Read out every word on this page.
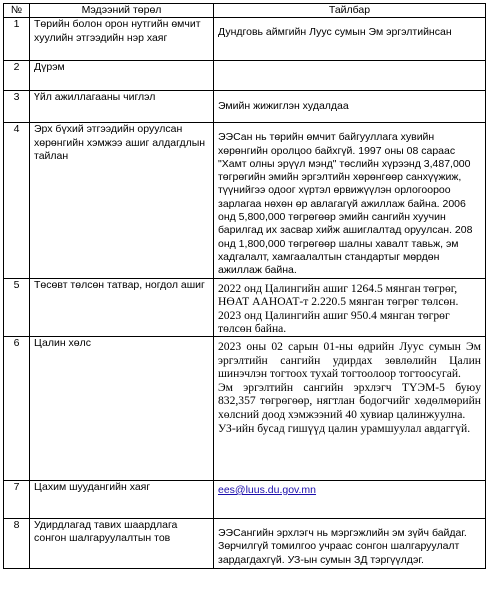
№	Мэдээний төрөл	Тайлбар
1	Төрийн болон орон нутгийн өмчит хуулийн этгээдийн нэр хаяг	Дундговь аймгийн Луус сумын Эм эргэлтийнсан

2	Дүрэм	
3	Үйл ажиллагааны чиглэл	Эмийн жижиглэн худалдаа

4	Эрх бүхий этгээдийн оруулсан хөрөнгийн хэмжээ ашиг алдагдлын тайлан	ЭЭСан нь төрийн өмчит байгууллага хувийн хөрөнгийн оролцоо байхгүй. 1997 оны 08 сараас "Хамт олны эрүүл мэнд" төслийн хүрээнд 3,487,000 төгрөгийн эмийн эргэлтийн хөрөнгөөр санхүүжиж, түүнийгээ одоог хүртэл өрвижүүлэн орлогоороо зарлагаа нөхөн өр авлагагүй ажиллаж байна. 2006 онд 5,800,000 төгрөгөөр эмийн сангийн хуучин барилгад их засвар хийж ашиглалтад оруулсан. 208 онд 1,800,000 төгрөгөөр шалны хавалт тавьж, эм хадгалалт, хамгаалалтын стандартыг мөрдөн ажиллаж байна.

5	Төсөвт төлсөн татвар, ногдол ашиг	2022 онд Цалингийн ашиг 1264.5 мянган төгрөг, НӨАТ ААНОАТ-т 2.220.5 мянган төгрөг төлсөн.

2023 онд Цалингийн ашиг 950.4 мянган төгрөг төлсөн байна.

6	Цалин хөлс	2023 оны 02 сарын 01-ны өдрийн Луус сумын Эм эргэлтийн сангийн удирдах зөвлөлийн Цалин шинэчлэн тогтоох тухай тогтоолоор тогтоосугай.

Эм эргэлтийн сангийн эрхлэгч ТҮЭМ-5 буюу 832,357 төгрөгөөр, нягтлан бодогчийг хөдөлмөрийн хөлсний доод хэмжээний 40 хувиар цалинжуулна.

УЗ-ийн бусад гишүүд цалин урамшуулал авдаггүй.

7	Цахим шуудангийн хаяг	ees@luus.du.gov.mn
8	Удирдлагад тавих шаардлага сонгон шалгаруулалтын тов	ЭЭСангийн эрхлэгч нь мэргэжлийн эм зүйч байдаг. Зөрчилгүй томилгоо учраас сонгон шалгаруулалт зардагдахгүй. УЗ-ын сумын ЗД тэргүүлдэг.
